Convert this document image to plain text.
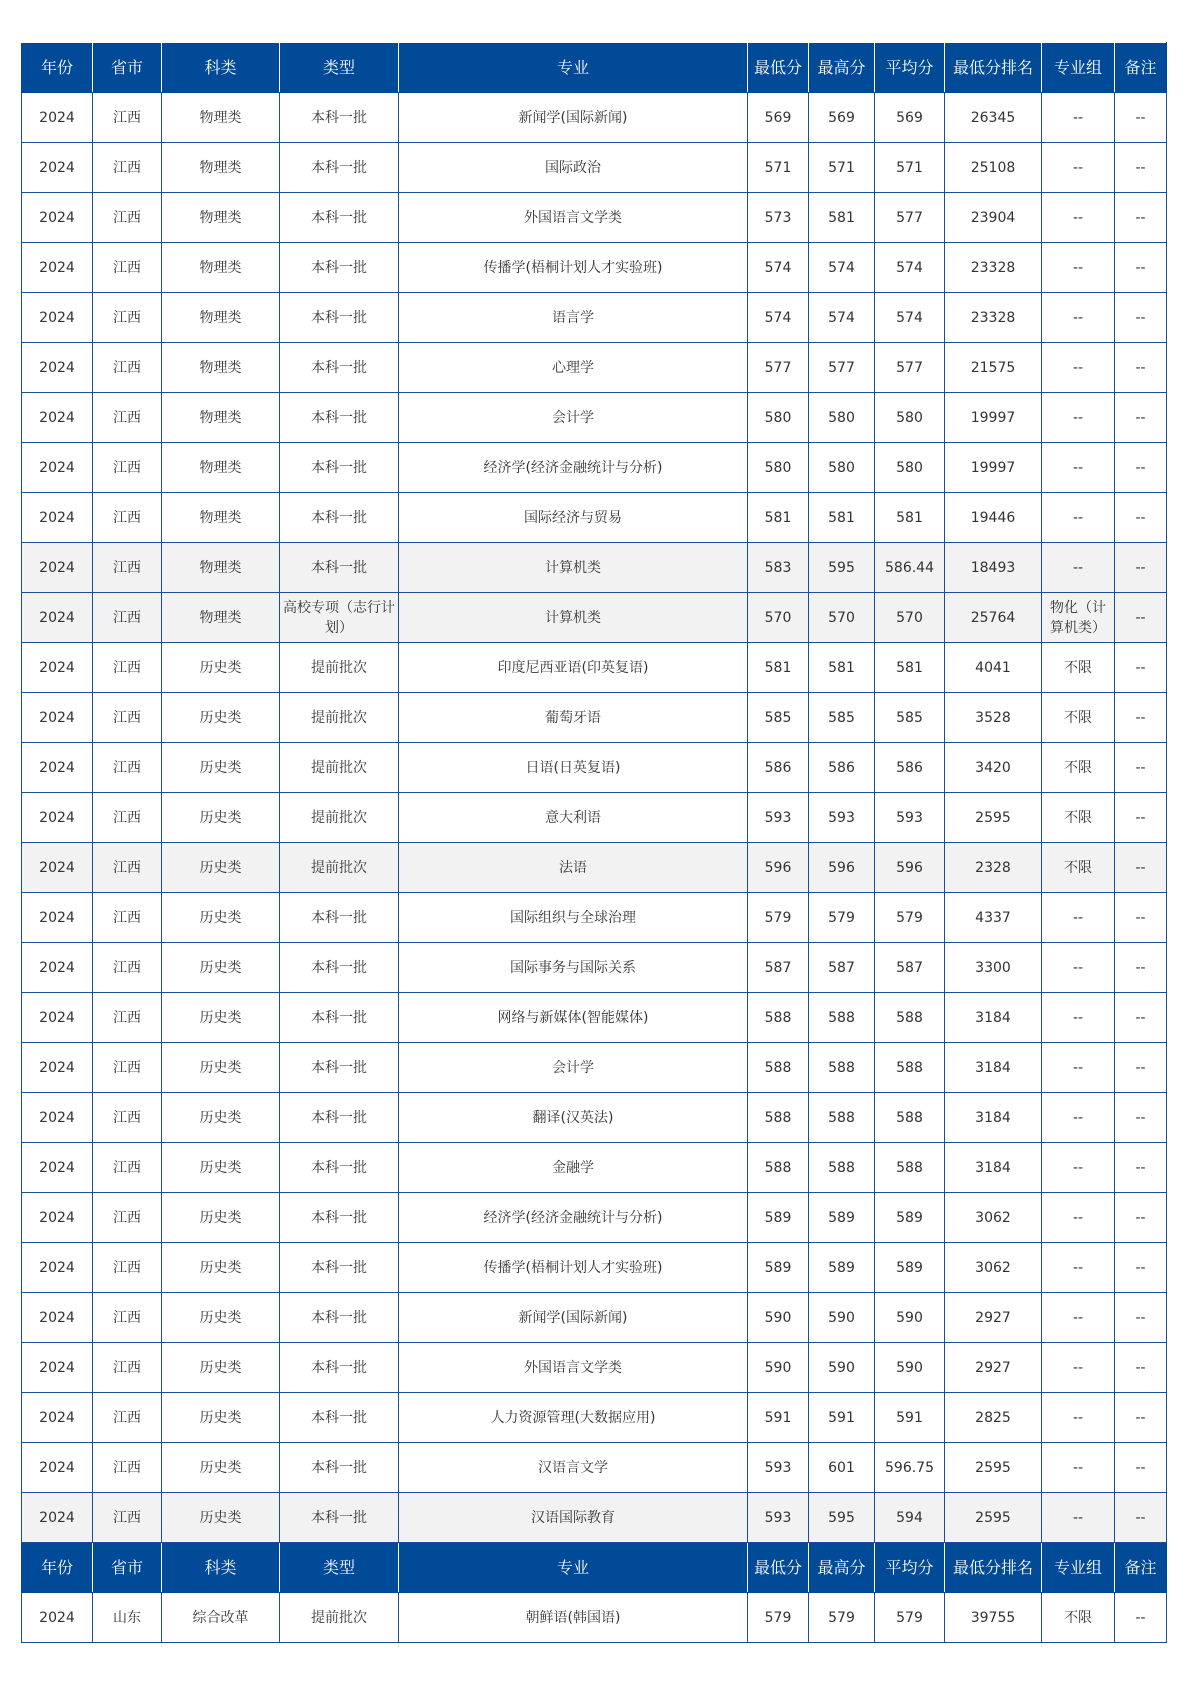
年份	省市	科类	类型	专业	最低分	最高分	平均分	最低分排名	专业组	备注
2024	江西	物理类	本科一批	新闻学(国际新闻)	569	569	569	26345	--	--
2024	江西	物理类	本科一批	国际政治	571	571	571	25108	--	--
2024	江西	物理类	本科一批	外国语言文学类	573	581	577	23904	--	--
2024	江西	物理类	本科一批	传播学(梧桐计划人才实验班)	574	574	574	23328	--	--
2024	江西	物理类	本科一批	语言学	574	574	574	23328	--	--
2024	江西	物理类	本科一批	心理学	577	577	577	21575	--	--
2024	江西	物理类	本科一批	会计学	580	580	580	19997	--	--
2024	江西	物理类	本科一批	经济学(经济金融统计与分析)	580	580	580	19997	--	--
2024	江西	物理类	本科一批	国际经济与贸易	581	581	581	19446	--	--
2024	江西	物理类	本科一批	计算机类	583	595	586.44	18493	--	--
2024	江西	物理类	高校专项（志行计划）	计算机类	570	570	570	25764	物化（计算机类）	--
2024	江西	历史类	提前批次	印度尼西亚语(印英复语)	581	581	581	4041	不限	--
2024	江西	历史类	提前批次	葡萄牙语	585	585	585	3528	不限	--
2024	江西	历史类	提前批次	日语(日英复语)	586	586	586	3420	不限	--
2024	江西	历史类	提前批次	意大利语	593	593	593	2595	不限	--
2024	江西	历史类	提前批次	法语	596	596	596	2328	不限	--
2024	江西	历史类	本科一批	国际组织与全球治理	579	579	579	4337	--	--
2024	江西	历史类	本科一批	国际事务与国际关系	587	587	587	3300	--	--
2024	江西	历史类	本科一批	网络与新媒体(智能媒体)	588	588	588	3184	--	--
2024	江西	历史类	本科一批	会计学	588	588	588	3184	--	--
2024	江西	历史类	本科一批	翻译(汉英法)	588	588	588	3184	--	--
2024	江西	历史类	本科一批	金融学	588	588	588	3184	--	--
2024	江西	历史类	本科一批	经济学(经济金融统计与分析)	589	589	589	3062	--	--
2024	江西	历史类	本科一批	传播学(梧桐计划人才实验班)	589	589	589	3062	--	--
2024	江西	历史类	本科一批	新闻学(国际新闻)	590	590	590	2927	--	--
2024	江西	历史类	本科一批	外国语言文学类	590	590	590	2927	--	--
2024	江西	历史类	本科一批	人力资源管理(大数据应用)	591	591	591	2825	--	--
2024	江西	历史类	本科一批	汉语言文学	593	601	596.75	2595	--	--
2024	江西	历史类	本科一批	汉语国际教育	593	595	594	2595	--	--
年份	省市	科类	类型	专业	最低分	最高分	平均分	最低分排名	专业组	备注
2024	山东	综合改革	提前批次	朝鲜语(韩国语)	579	579	579	39755	不限	--
